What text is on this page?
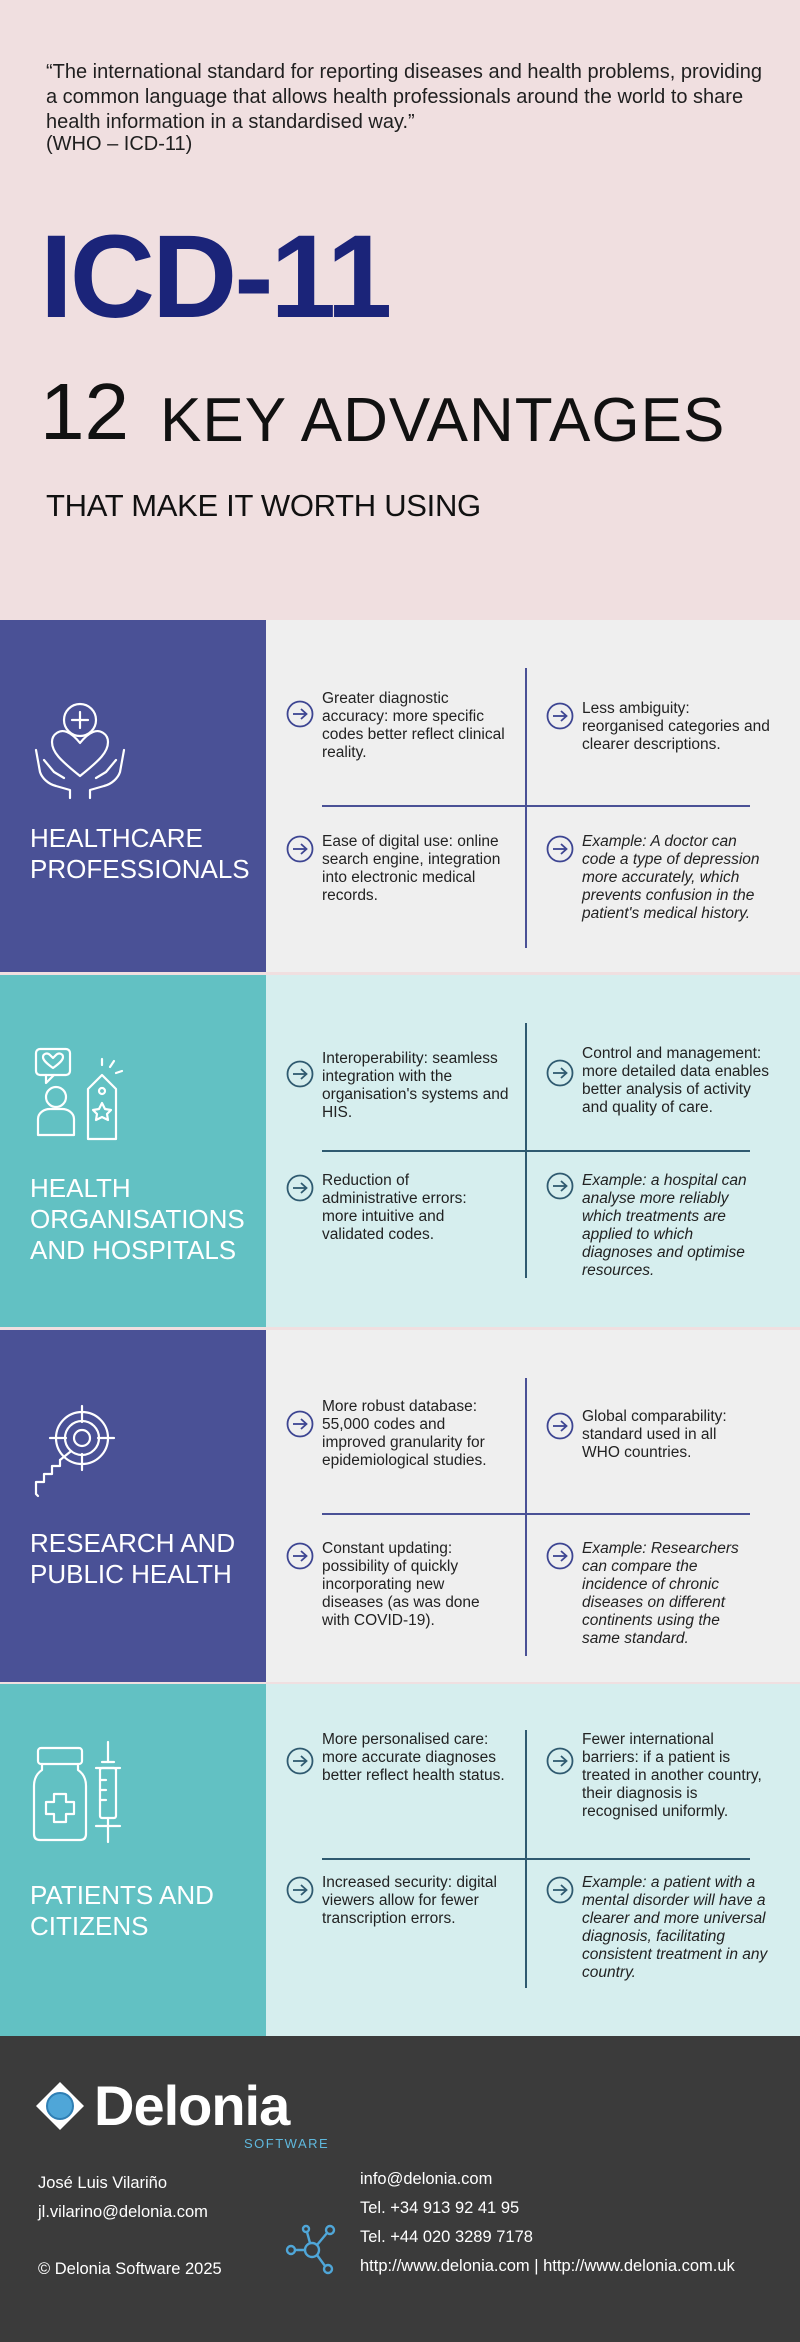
“The international standard for reporting diseases and health problems, providing a common language that allows health professionals around the world to share health information in a standardised way.”
(WHO – ICD-11)
ICD-11
12 KEY ADVANTAGES
THAT MAKE IT WORTH USING
HEALTHCARE
PROFESSIONALS
Greater diagnostic accuracy: more specific codes better reflect clinical reality.
Less ambiguity: reorganised categories and clearer descriptions.
Ease of digital use: online search engine, integration into electronic medical records.
Example: A doctor can code a type of depression more accurately, which prevents confusion in the patient's medical history.
HEALTH
ORGANISATIONS
AND HOSPITALS
Interoperability: seamless integration with the organisation's systems and HIS.
Control and management: more detailed data enables better analysis of activity and quality of care.
Reduction of administrative errors: more intuitive and validated codes.
Example: a hospital can analyse more reliably which treatments are applied to which diagnoses and optimise resources.
RESEARCH AND
PUBLIC HEALTH
More robust database: 55,000 codes and improved granularity for epidemiological studies.
Global comparability: standard used in all WHO countries.
Constant updating: possibility of quickly incorporating new diseases (as was done with COVID-19).
Example: Researchers can compare the incidence of chronic diseases on different continents using the same standard.
PATIENTS AND
CITIZENS
More personalised care: more accurate diagnoses better reflect health status.
Fewer international barriers: if a patient is treated in another country, their diagnosis is recognised uniformly.
Increased security: digital viewers allow for fewer transcription errors.
Example: a patient with a mental disorder will have a clearer and more universal diagnosis, facilitating consistent treatment in any country.
Delonia
SOFTWARE
José Luis Vilariño
jl.vilarino@delonia.com
© Delonia Software 2025
info@delonia.com
Tel. +34 913 92 41 95
Tel. +44 020 3289 7178
http://www.delonia.com | http://www.delonia.com.uk
